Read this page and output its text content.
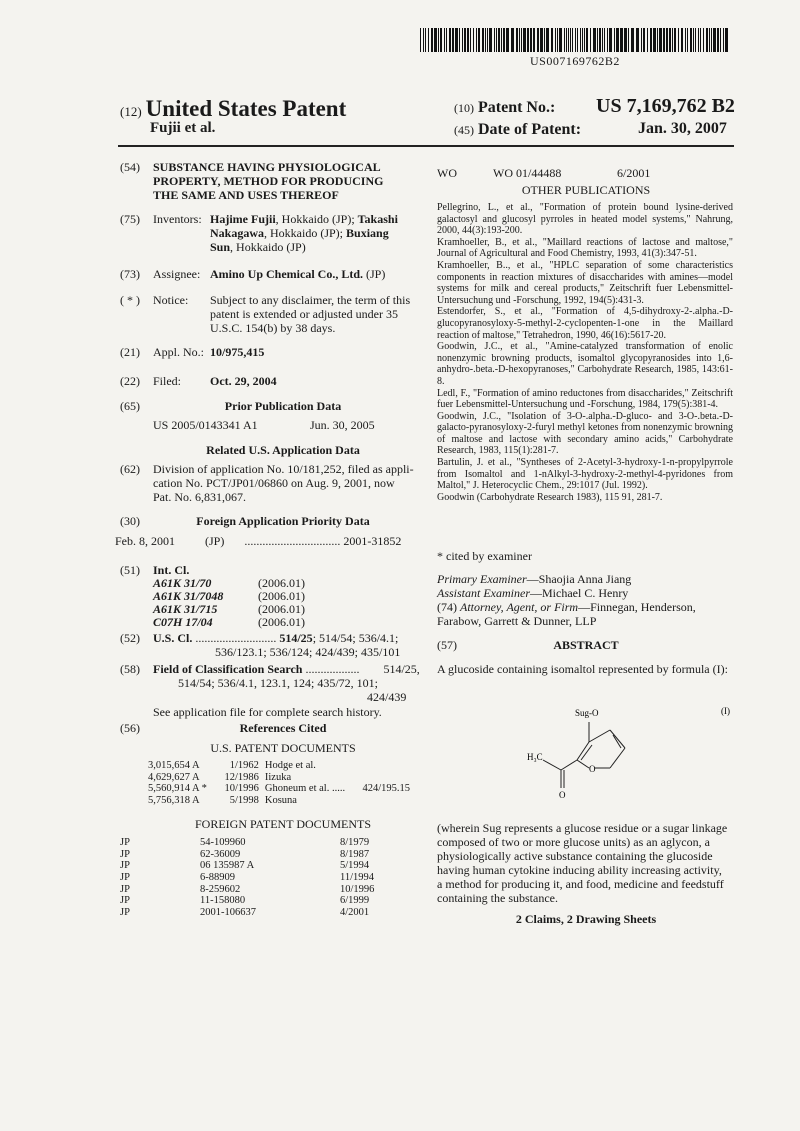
US007169762B2
(12) United States Patent
Fujii et al.
(10) Patent No.: US 7,169,762 B2
(45) Date of Patent:	Jan. 30, 2007
(54) SUBSTANCE HAVING PHYSIOLOGICAL
PROPERTY, METHOD FOR PRODUCING
THE SAME AND USES THEREOF
(75) Inventors: Hajime Fujii, Hokkaido (JP); Takashi
Nakagawa, Hokkaido (JP); Buxiang
Sun, Hokkaido (JP)
(73) Assignee: Amino Up Chemical Co., Ltd. (JP)
( * ) Notice: Subject to any disclaimer, the term of this
patent is extended or adjusted under 35
U.S.C. 154(b) by 38 days.
(21) Appl. No.: 10/975,415
(22) Filed: Oct. 29, 2004
(65)	Prior Publication Data
US 2005/0143341 A1	Jun. 30, 2005
Related U.S. Application Data
(62) Division of application No. 10/181,252, filed as appli-
cation No. PCT/JP01/06860 on Aug. 9, 2001, now
Pat. No. 6,831,067.
(30)	Foreign Application Priority Data
Feb. 8, 2001	(JP) ................................ 2001-31852
(51) Int. Cl.
A61K 31/70	(2006.01)
A61K 31/7048	(2006.01)
A61K 31/715	(2006.01)
C07H 17/04	(2006.01)
(52) U.S. Cl. ........................... 514/25; 514/54; 536/4.1;
536/123.1; 536/124; 424/439; 435/101
(58) Field of Classification Search .................. 514/25,
514/54; 536/4.1, 123.1, 124; 435/72, 101;
424/439
See application file for complete search history.
(56)	References Cited
U.S. PATENT DOCUMENTS
3,015,654 A		1/1962	Hodge et al.	
4,629,627 A		12/1986	Iizuka	
5,560,914 A	*	10/1996	Ghoneum et al. .....	424/195.15
5,756,318 A		5/1998	Kosuna	
FOREIGN PATENT DOCUMENTS
JP	54-109960	8/1979
JP	62-36009	8/1987
JP	06 135987 A	5/1994
JP	6-88909	11/1994
JP	8-259602	10/1996
JP	11-158080	6/1999
JP	2001-106637	4/2001
WO	WO 01/44488	6/2001
OTHER PUBLICATIONS
Pellegrino, L., et al., "Formation of protein bound lysine-derived galactosyl and glucosyl pyrroles in heated model systems," Nahrung, 2000, 44(3):193-200.
Kramhoeller, B., et al., "Maillard reactions of lactose and maltose," Journal of Agricultural and Food Chemistry, 1993, 41(3):347-51.
Kramhoeller, B.., et al., "HPLC separation of some characteristics components in reaction mixtures of disaccharides with amines—model systems for milk and cereal products," Zeitschrift fuer Lebensmittel-Untersuchung und -Forschung, 1992, 194(5):431-3.
Estendorfer, S., et al., "Formation of 4,5-dihydroxy-2-.alpha.-D-glucopyranosyloxy-5-methyl-2-cyclopenten-1-one in the Maillard reaction of maltose," Tetrahedron, 1990, 46(16):5617-20.
Goodwin, J.C., et al., "Amine-catalyzed transformation of enolic nonenzymic browning products, isomaltol glycopyranosides into 1,6-anhydro-.beta.-D-hexopyranoses," Carbohydrate Research, 1985, 143:61-8.
Ledl, F., "Formation of amino reductones from disaccharides," Zeitschrift fuer Lebensmittel-Untersuchung und -Forschung, 1984, 179(5):381-4.
Goodwin, J.C., "Isolation of 3-O-.alpha.-D-gluco- and 3-O-.beta.-D-galacto-pyranosyloxy-2-furyl methyl ketones from nonenzymic browning of maltose and lactose with secondary amino acids," Carbohydrate Research, 1983, 115(1):281-7.
Bartulin, J. et al., "Syntheses of 2-Acetyl-3-hydroxy-1-n-propylpyrrole from Isomaltol and 1-nAlkyl-3-hydroxy-2-methyl-4-pyridones from Maltol," J. Heterocyclic Chem., 29:1017 (Jul. 1992).
Goodwin (Carbohydrate Research 1983), 115 91, 281-7.
* cited by examiner
Primary Examiner—Shaojia Anna Jiang
Assistant Examiner—Michael C. Henry
(74) Attorney, Agent, or Firm—Finnegan, Henderson,
Farabow, Garrett & Dunner, LLP
(57)	ABSTRACT
A glucoside containing isomaltol represented by formula (I):
Sug-O
H₃C
O
O
(I)
(wherein Sug represents a glucose residue or a sugar linkage
composed of two or more glucose units) as an aglycon, a
physiologically active substance containing the glucoside
having human cytokine inducing ability increasing activity,
a method for producing it, and food, medicine and feedstuff
containing the substance.
2 Claims, 2 Drawing Sheets
